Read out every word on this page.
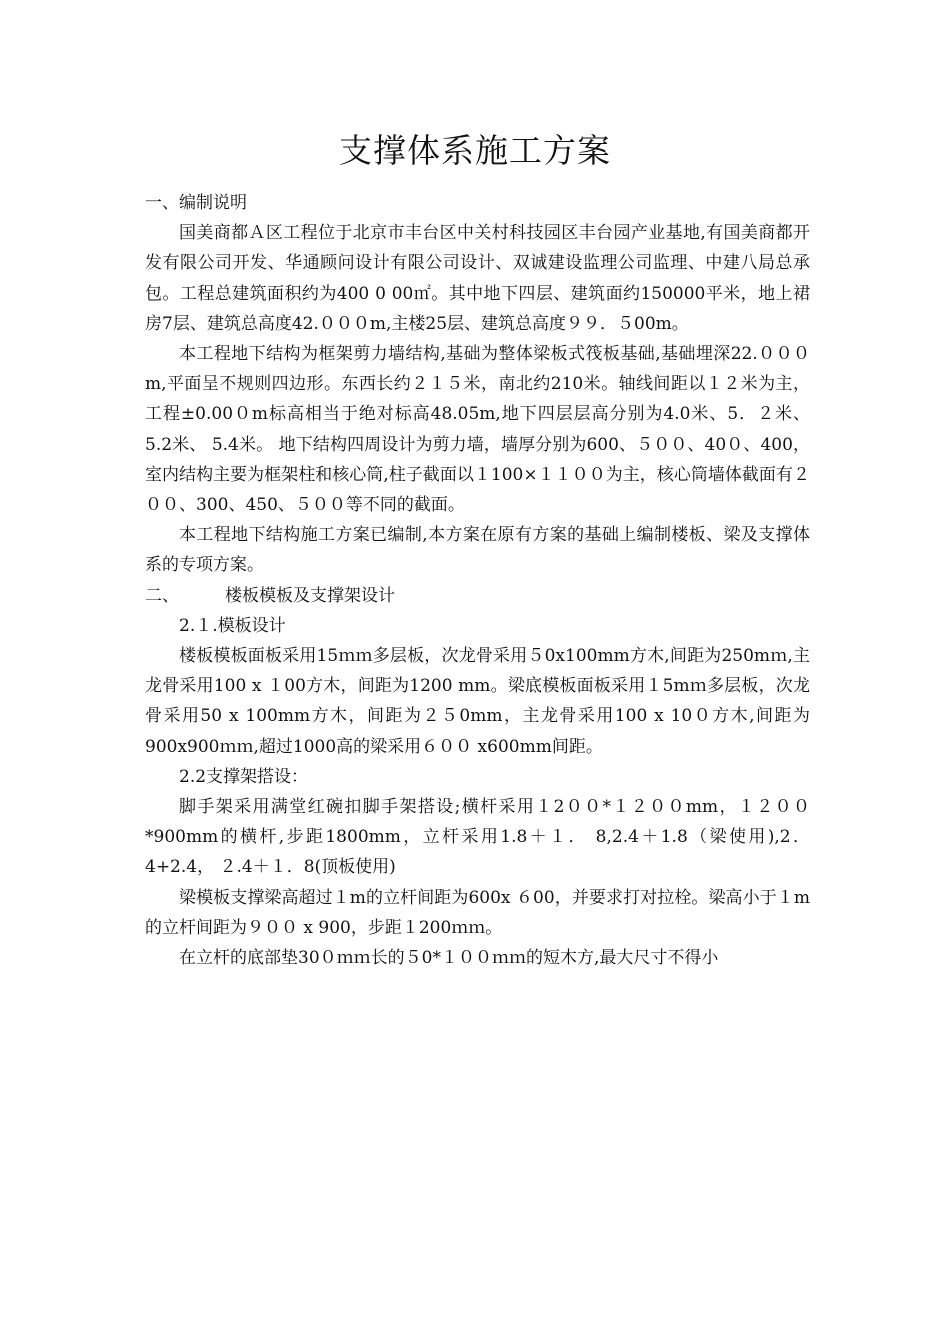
支撑体系施工方案

一、编制说明

国美商都Ａ区工程位于北京市丰台区中关村科技园区丰台园产业基地,有国美商都开发有限公司开发、华通顾问设计有限公司设计、双诚建设监理公司监理、中建八局总承包。工程总建筑面积约为400 0 00㎡。其中地下四层、建筑面约150000平米，地上裙房7层、建筑总高度42.０００m,主楼25层、建筑总高度９９．５00m。

本工程地下结构为框架剪力墙结构,基础为整体梁板式筏板基础,基础埋深22.０００m,平面呈不规则四边形。东西长约２１５米，南北约210米。轴线间距以１２米为主，工程±0.00０m标高相当于绝对标高48.05m,地下四层层高分别为4.0米、5．２米、 5.2米、 5.4米。 地下结构四周设计为剪力墙，墙厚分别为600、５００、40０、400，室内结构主要为框架柱和核心筒,柱子截面以１100×１１００为主，核心筒墙体截面有２００、300、450、５００等不同的截面。

本工程地下结构施工方案已编制,本方案在原有方案的基础上编制楼板、梁及支撑体系的专项方案。

二、	楼板模板及支撑架设计

2.１.模板设计

楼板模板面板采用15ｍｍ多层板，次龙骨采用５0x100mm方木,间距为250mｍ,主龙骨采用100 x １00方木，间距为1200 mm。梁底模板面板采用１5mｍ多层板，次龙骨采用50 x 100mm方木，间距为２５0mm，主龙骨采用100 x 10０方木,间距为900x900ｍｍ,超过1000高的梁采用６００ x600mm间距。

2.2支撑架搭设：

脚手架采用满堂红碗扣脚手架搭设;横杆采用１2００*１２００mm，１２００*900mm的横杆,步距1800mm，立杆采用1.8＋１． 8,2.4＋1.8（梁使用),2．4+2.4， ２.4＋１．8(顶板使用)

梁模板支撑梁高超过１m的立杆间距为600x ６00，并要求打对拉栓。梁高小于１m的立杆间距为９００ x 900，步距１200ｍｍ。

在立杆的底部垫30０ｍｍ长的５0*１００ｍｍ的短木方,最大尺寸不得小
